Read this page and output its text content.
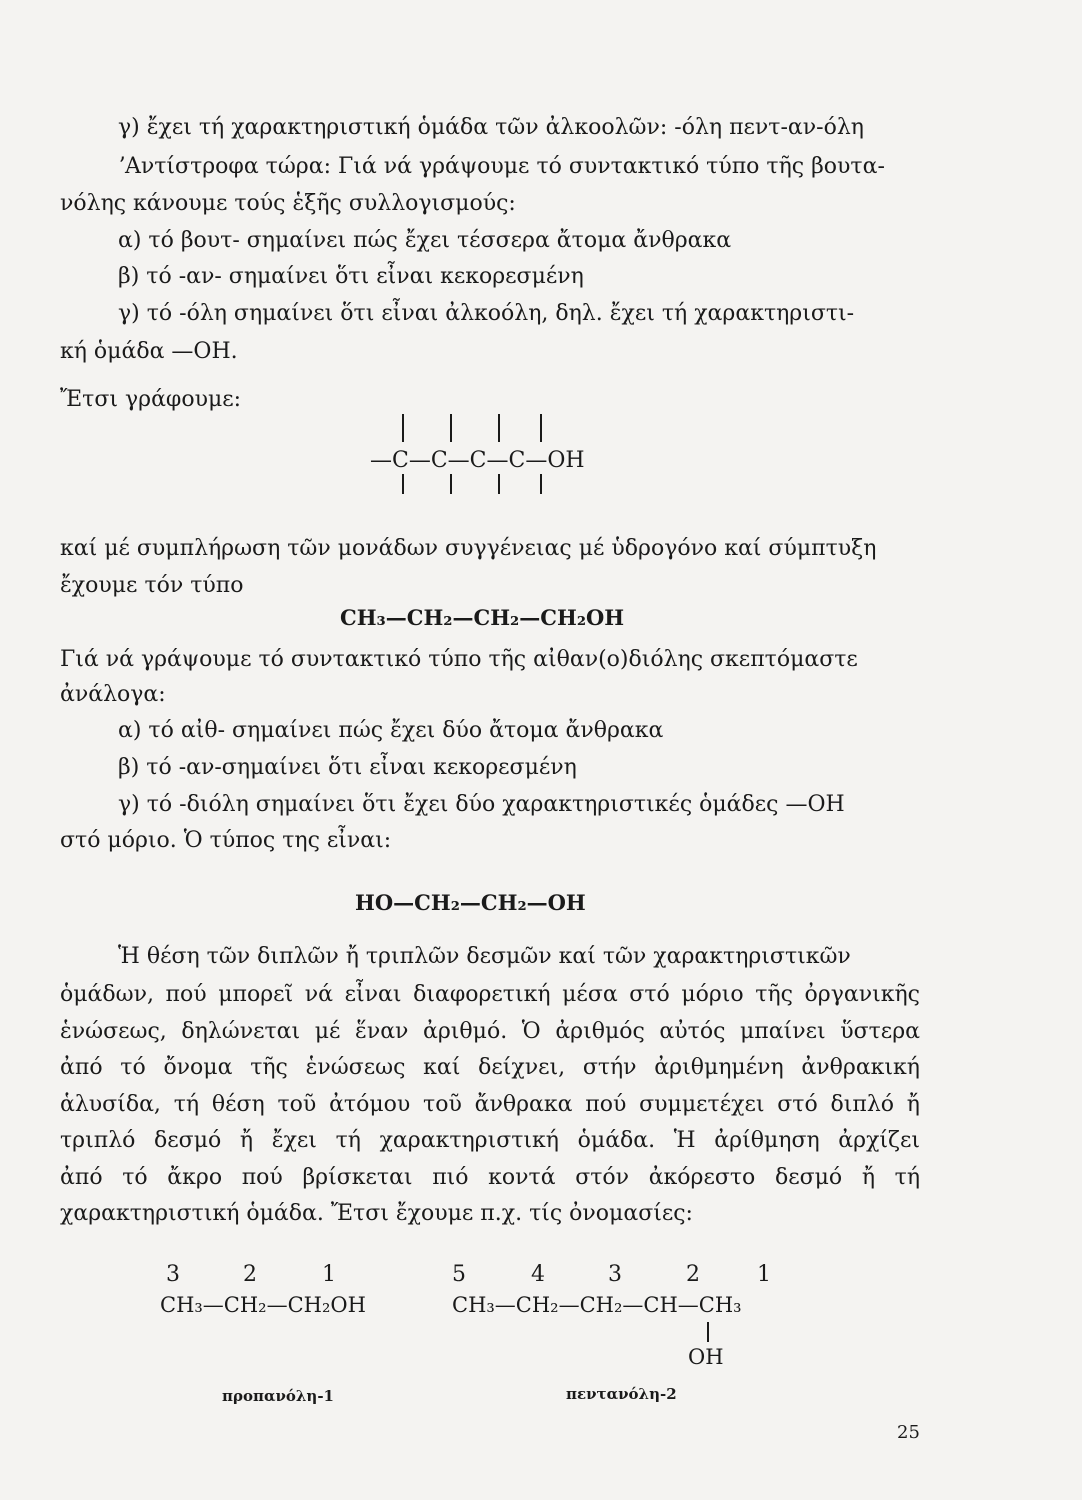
γ) ἔχει τή χαρακτηριστική ὁμάδα τῶν ἀλκοολῶν: -όλη πεντ-αν-όλη
ʼΑντίστροφα τώρα: Γιά νά γράψουμε τό συντακτικό τύπο τῆς βουτα-
νόλης κάνουμε τούς ἑξῆς συλλογισμούς:
α) τό βουτ- σημαίνει πώς ἔχει τέσσερα ἄτομα ἄνθρακα
β) τό -αν- σημαίνει ὅτι εἶναι κεκορεσμένη
γ) τό -όλη σημαίνει ὅτι εἶναι ἀλκοόλη, δηλ. ἔχει τή χαρακτηριστι-
κή ὁμάδα —OH.
Ἔτσι γράφουμε:
—C—C—C—C—OH
καί μέ συμπλήρωση τῶν μονάδων συγγένειας μέ ὑδρογόνο καί σύμπτυξη
ἔχουμε τόν τύπο
CH₃—CH₂—CH₂—CH₂OH
Γιά νά γράψουμε τό συντακτικό τύπο τῆς αἰθαν(ο)διόλης σκεπτόμαστε
ἀνάλογα:
α) τό αἰθ- σημαίνει πώς ἔχει δύο ἄτομα ἄνθρακα
β) τό -αν-σημαίνει ὅτι εἶναι κεκορεσμένη
γ) τό -διόλη σημαίνει ὅτι ἔχει δύο χαρακτηριστικές ὁμάδες —OH
στό μόριο. Ὁ τύπος της εἶναι:
HO—CH₂—CH₂—OH
Ἡ θέση τῶν διπλῶν ἤ τριπλῶν δεσμῶν καί τῶν χαρακτηριστικῶν
ὁμάδων, πού μπορεῖ νά εἶναι διαφορετική μέσα στό μόριο τῆς ὀργανικῆς
ἑνώσεως, δηλώνεται μέ ἕναν ἀριθμό. Ὁ ἀριθμός αὐτός μπαίνει ὕστερα
ἀπό τό ὄνομα τῆς ἑνώσεως καί δείχνει, στήν ἀριθμημένη ἀνθρακική
ἁλυσίδα, τή θέση τοῦ ἀτόμου τοῦ ἄνθρακα πού συμμετέχει στό διπλό ἤ
τριπλό δεσμό ἤ ἔχει τή χαρακτηριστική ὁμάδα. Ἡ ἀρίθμηση ἀρχίζει
ἀπό τό ἄκρο πού βρίσκεται πιό κοντά στόν ἀκόρεστο δεσμό ἤ τή
χαρακτηριστική ὁμάδα. Ἔτσι ἔχουμε π.χ. τίς ὀνομασίες:
3	2	1
CH₃—CH₂—CH₂OH
προπανόλη-1
5	4	3	2	1
CH₃—CH₂—CH₂—CH—CH₃
OH
πεντανόλη-2
25
